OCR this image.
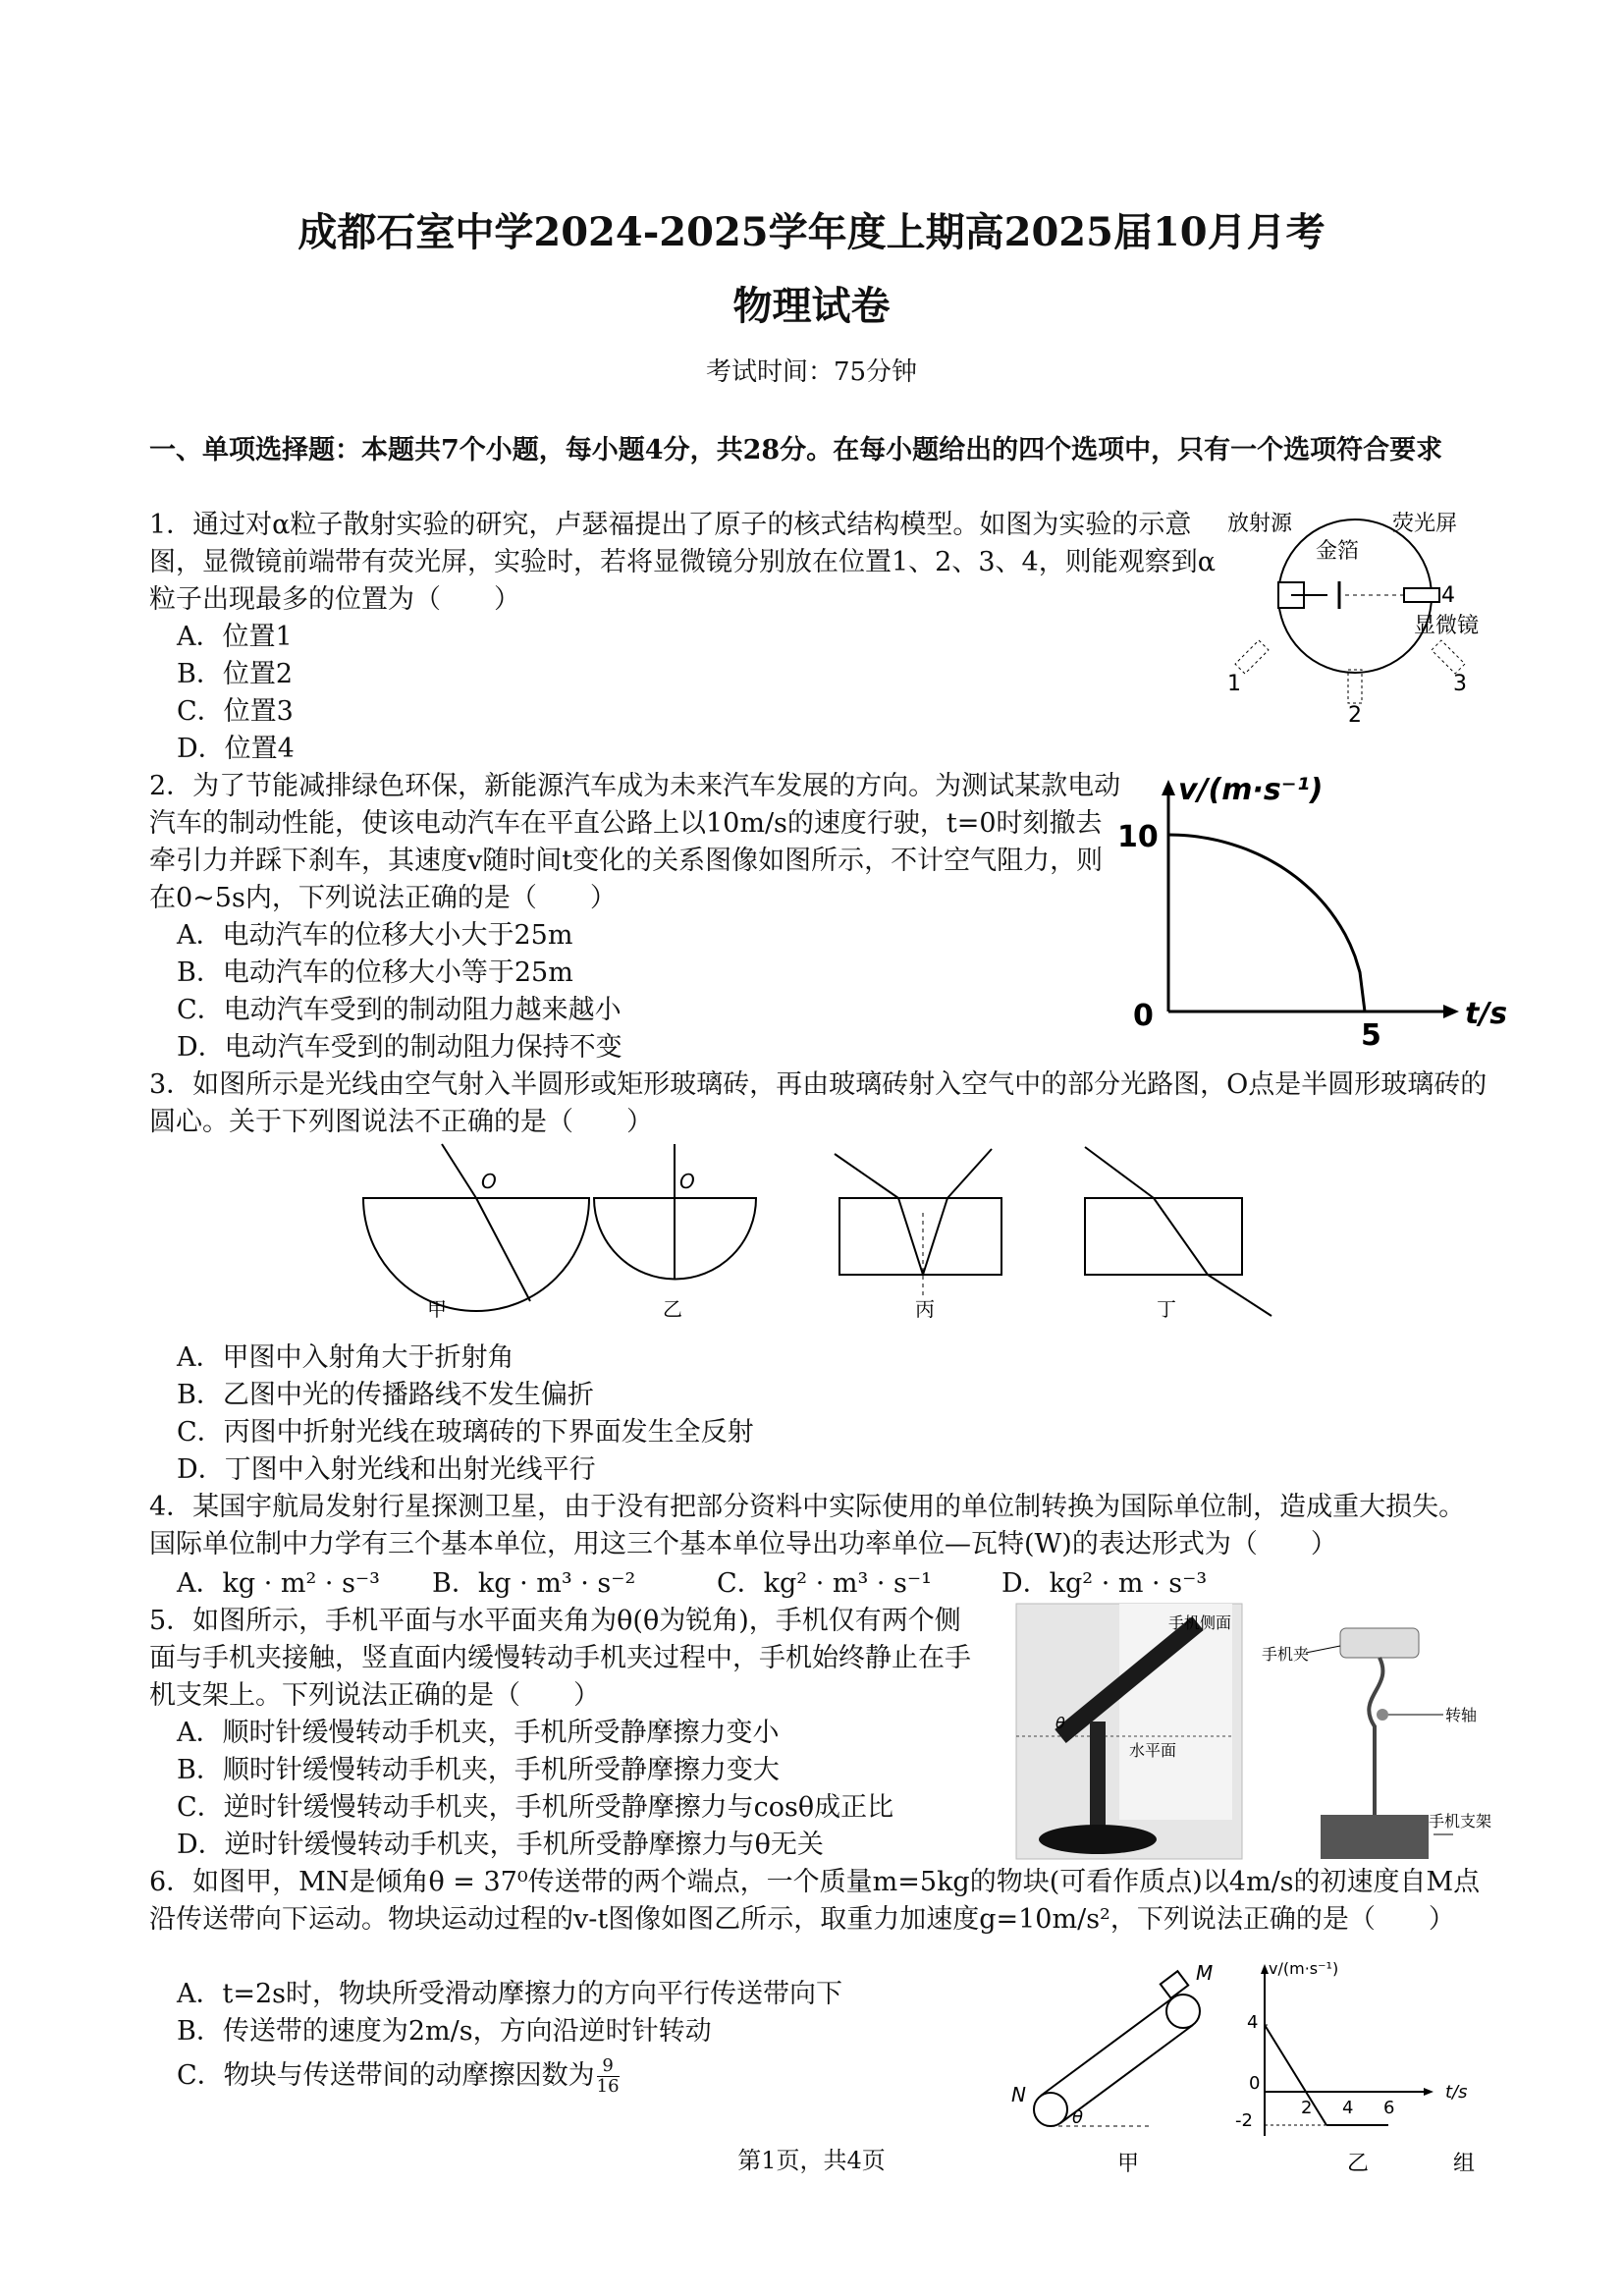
成都石室中学2024-2025学年度上期高2025届10月月考
物理试卷
考试时间：75分钟
一、单项选择题：本题共7个小题，每小题4分，共28分。在每小题给出的四个选项中，只有一个选项符合要求
1．通过对α粒子散射实验的研究，卢瑟福提出了原子的核式结构模型。如图为实验的示意图，显微镜前端带有荧光屏，实验时，若将显微镜分别放在位置1、2、3、4，则能观察到α粒子出现最多的位置为（　　）
A．位置1
B．位置2
C．位置3
D．位置4
放射源
金箔
荧光屏
4
显微镜
1
2
3
2．为了节能减排绿色环保，新能源汽车成为未来汽车发展的方向。为测试某款电动汽车的制动性能，使该电动汽车在平直公路上以10m/s的速度行驶，t=0时刻撤去牵引力并踩下刹车，其速度v随时间t变化的关系图像如图所示，不计空气阻力，则在0~5s内，下列说法正确的是（　　）
A．电动汽车的位移大小大于25m
B．电动汽车的位移大小等于25m
C．电动汽车受到的制动阻力越来越小
D．电动汽车受到的制动阻力保持不变
v/(m·s⁻¹)
t/s
0
10
5
3．如图所示是光线由空气射入半圆形或矩形玻璃砖，再由玻璃砖射入空气中的部分光路图，O点是半圆形玻璃砖的圆心。关于下列图说法不正确的是（　　）
O
甲
O
乙	丙	丁
A．甲图中入射角大于折射角
B．乙图中光的传播路线不发生偏折
C．丙图中折射光线在玻璃砖的下界面发生全反射
D．丁图中入射光线和出射光线平行
4．某国宇航局发射行星探测卫星，由于没有把部分资料中实际使用的单位制转换为国际单位制，造成重大损失。国际单位制中力学有三个基本单位，用这三个基本单位导出功率单位—瓦特(W)的表达形式为（　　）
A．kg · m² · s⁻³ B．kg · m³ · s⁻²	C．kg² · m³ · s⁻¹	D．kg² · m · s⁻³
5．如图所示，手机平面与水平面夹角为θ(θ为锐角)，手机仅有两个侧面与手机夹接触，竖直面内缓慢转动手机夹过程中，手机始终静止在手机支架上。下列说法正确的是（　　）
A．顺时针缓慢转动手机夹，手机所受静摩擦力变小
B．顺时针缓慢转动手机夹，手机所受静摩擦力变大
C．逆时针缓慢转动手机夹，手机所受静摩擦力与cosθ成正比
D．逆时针缓慢转动手机夹，手机所受静摩擦力与θ无关
手机侧面
θ
水平面
手机夹
转轴
手机支架
6．如图甲，MN是倾角θ = 37⁰传送带的两个端点，一个质量m=5kg的物块(可看作质点)以4m/s的初速度自M点沿传送带向下运动。物块运动过程的v-t图像如图乙所示，取重力加速度g=10m/s²，下列说法正确的是（　　）
A．t=2s时，物块所受滑动摩擦力的方向平行传送带向下
B．传送带的速度为2m/s，方向沿逆时针转动
C．物块与传送带间的动摩擦因数为 $\frac{9}{16}$
M
N
θ
甲
v/(m·s⁻¹)
t/s
0
4
-2
2 4 6
乙	组
第1页，共4页
